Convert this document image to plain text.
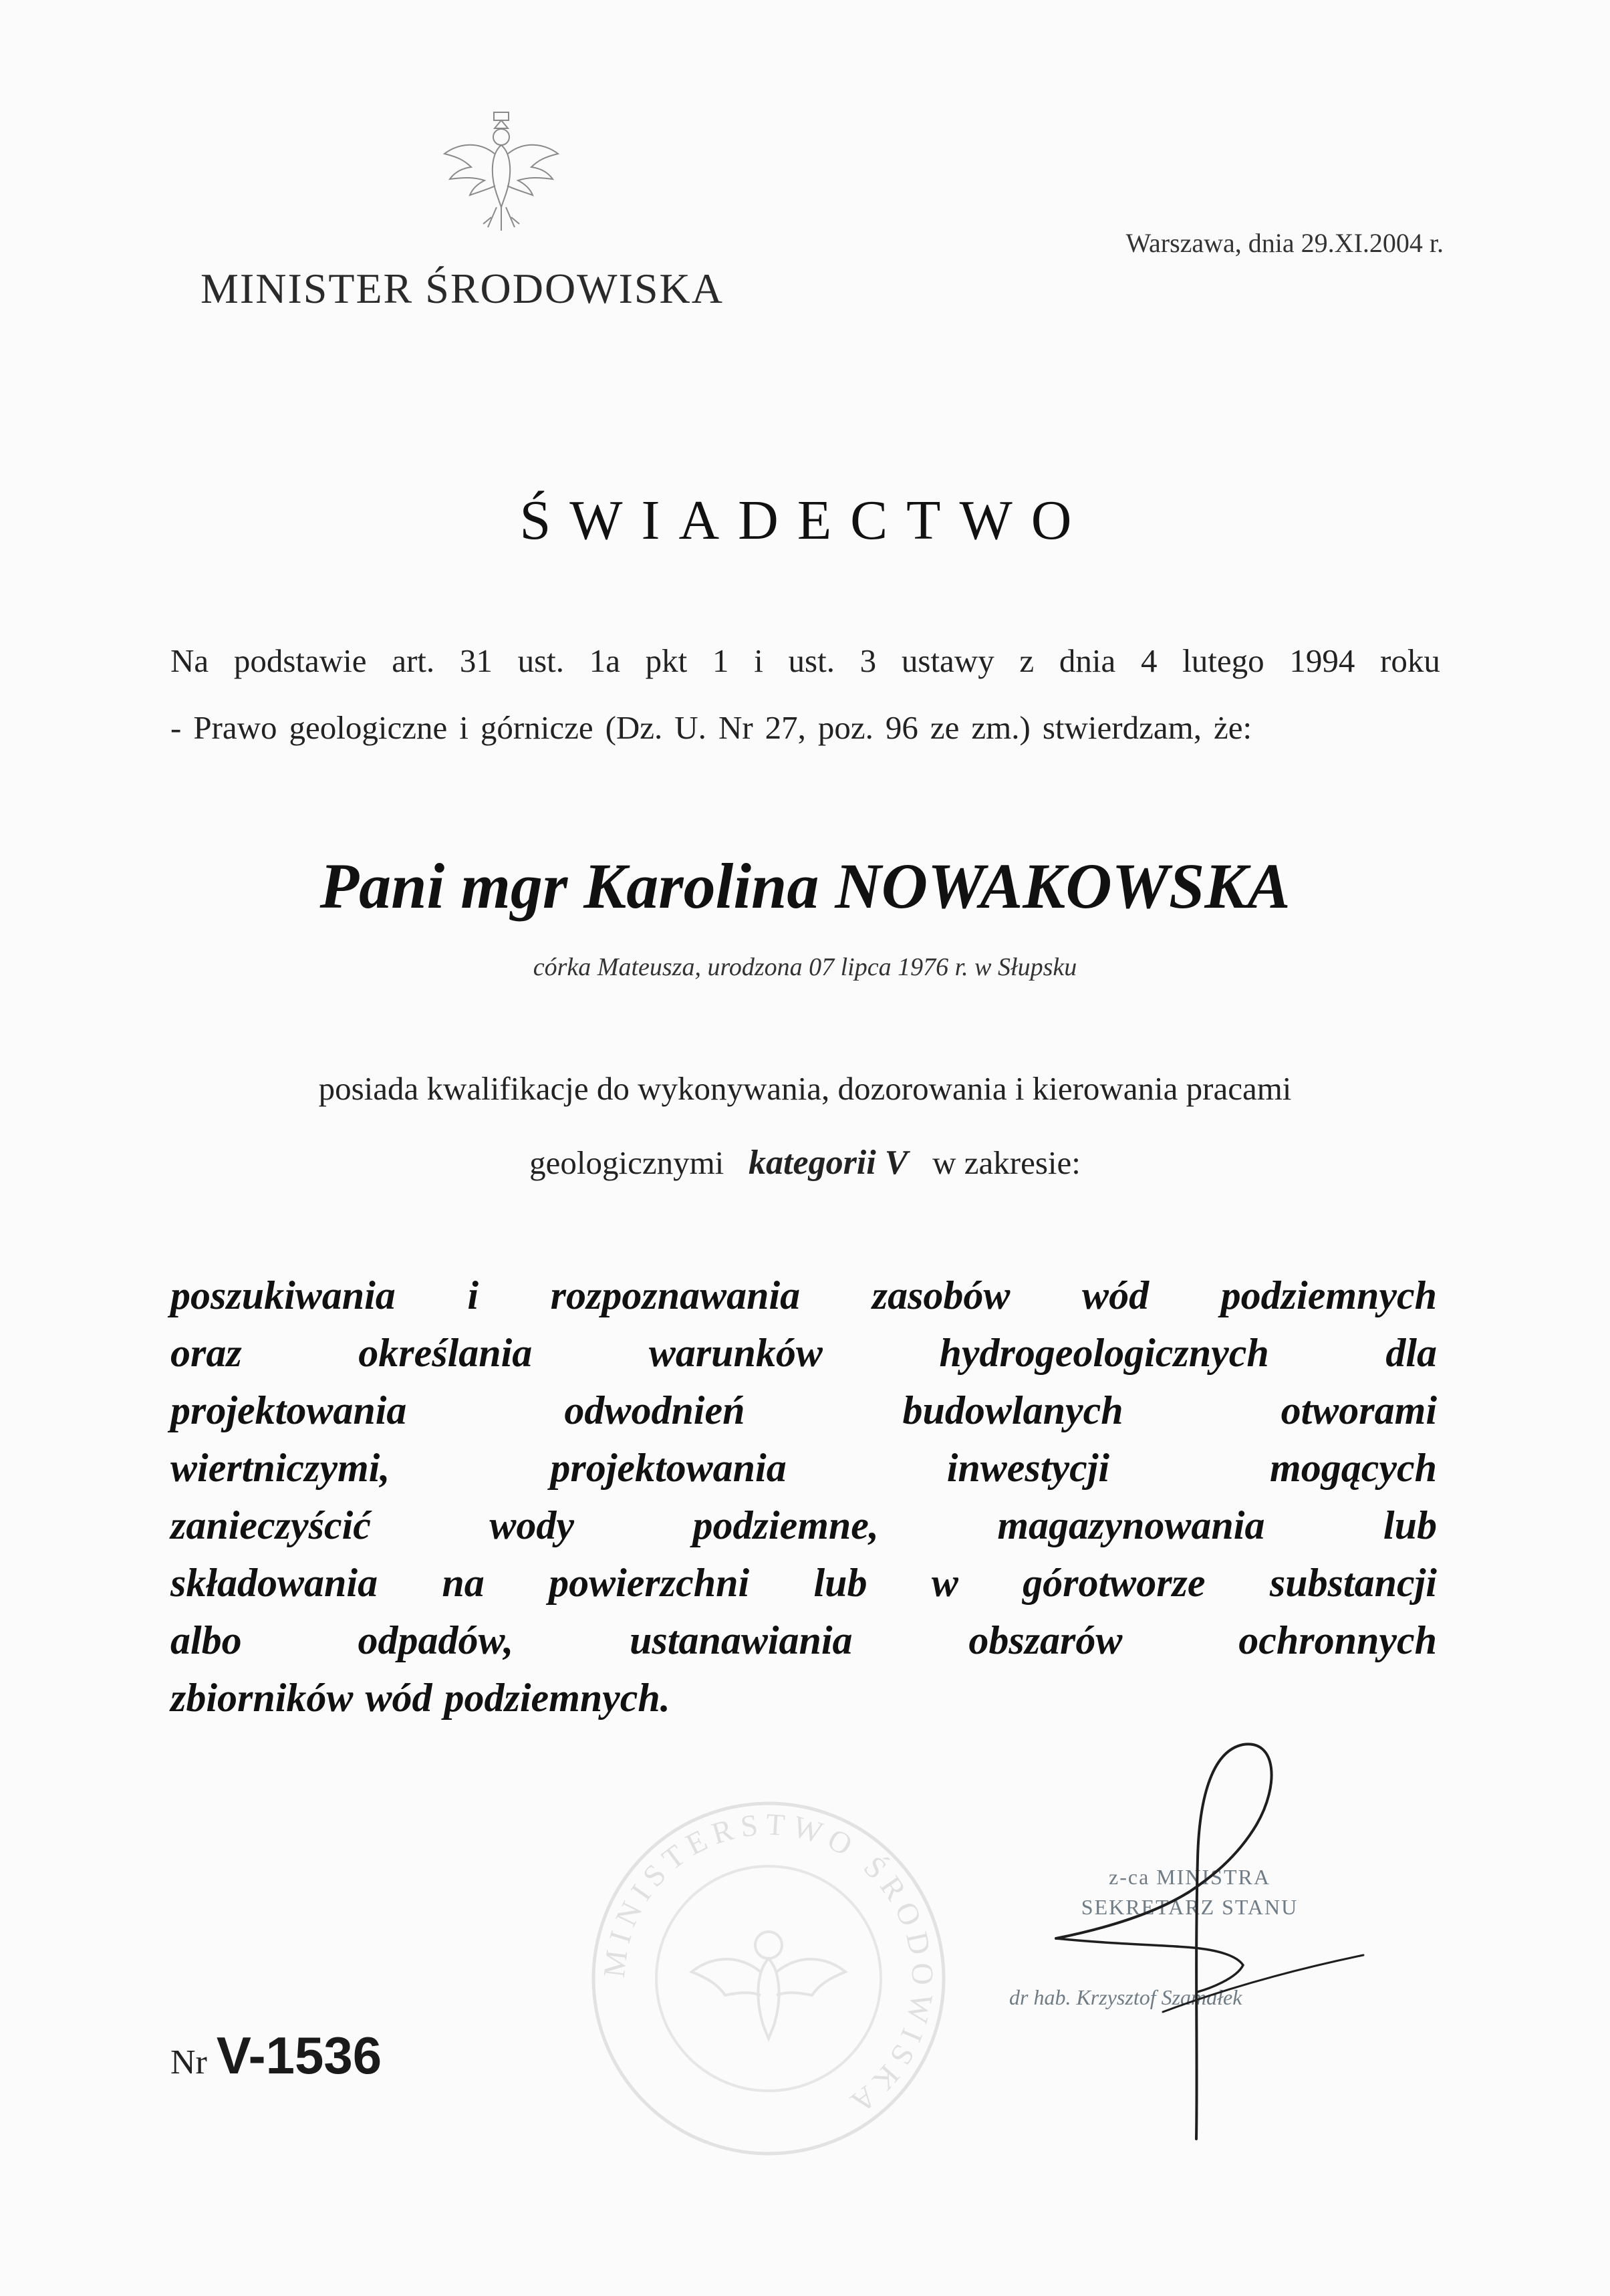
MINISTER ŚRODOWISKA
Warszawa, dnia 29.XI.2004 r.
ŚWIADECTWO
Na podstawie art. 31 ust. 1a pkt 1 i ust. 3 ustawy z dnia 4 lutego 1994 roku
- Prawo geologiczne i górnicze (Dz. U. Nr 27, poz. 96 ze zm.) stwierdzam, że:
Pani mgr Karolina NOWAKOWSKA
córka Mateusza, urodzona 07 lipca 1976 r. w Słupsku
posiada kwalifikacje do wykonywania, dozorowania i kierowania pracami
geologicznymi kategorii V w zakresie:
poszukiwania i rozpoznawania zasobów wód podziemnych
oraz	określania	warunków	hydrogeologicznych	dla
projektowania	odwodnień	budowlanych	otworami
wiertniczymi,	projektowania	inwestycji	mogących
zanieczyścić	wody	podziemne,	magazynowania	lub
składowania na powierzchni lub w górotworze substancji
albo	odpadów,	ustanawiania	obszarów	ochronnych
zbiorników wód podziemnych.
MINISTERSTWO ŚRODOWISKA
z-ca MINISTRA
SEKRETARZ STANU
dr hab. Krzysztof Szamałek
Nr V-1536
